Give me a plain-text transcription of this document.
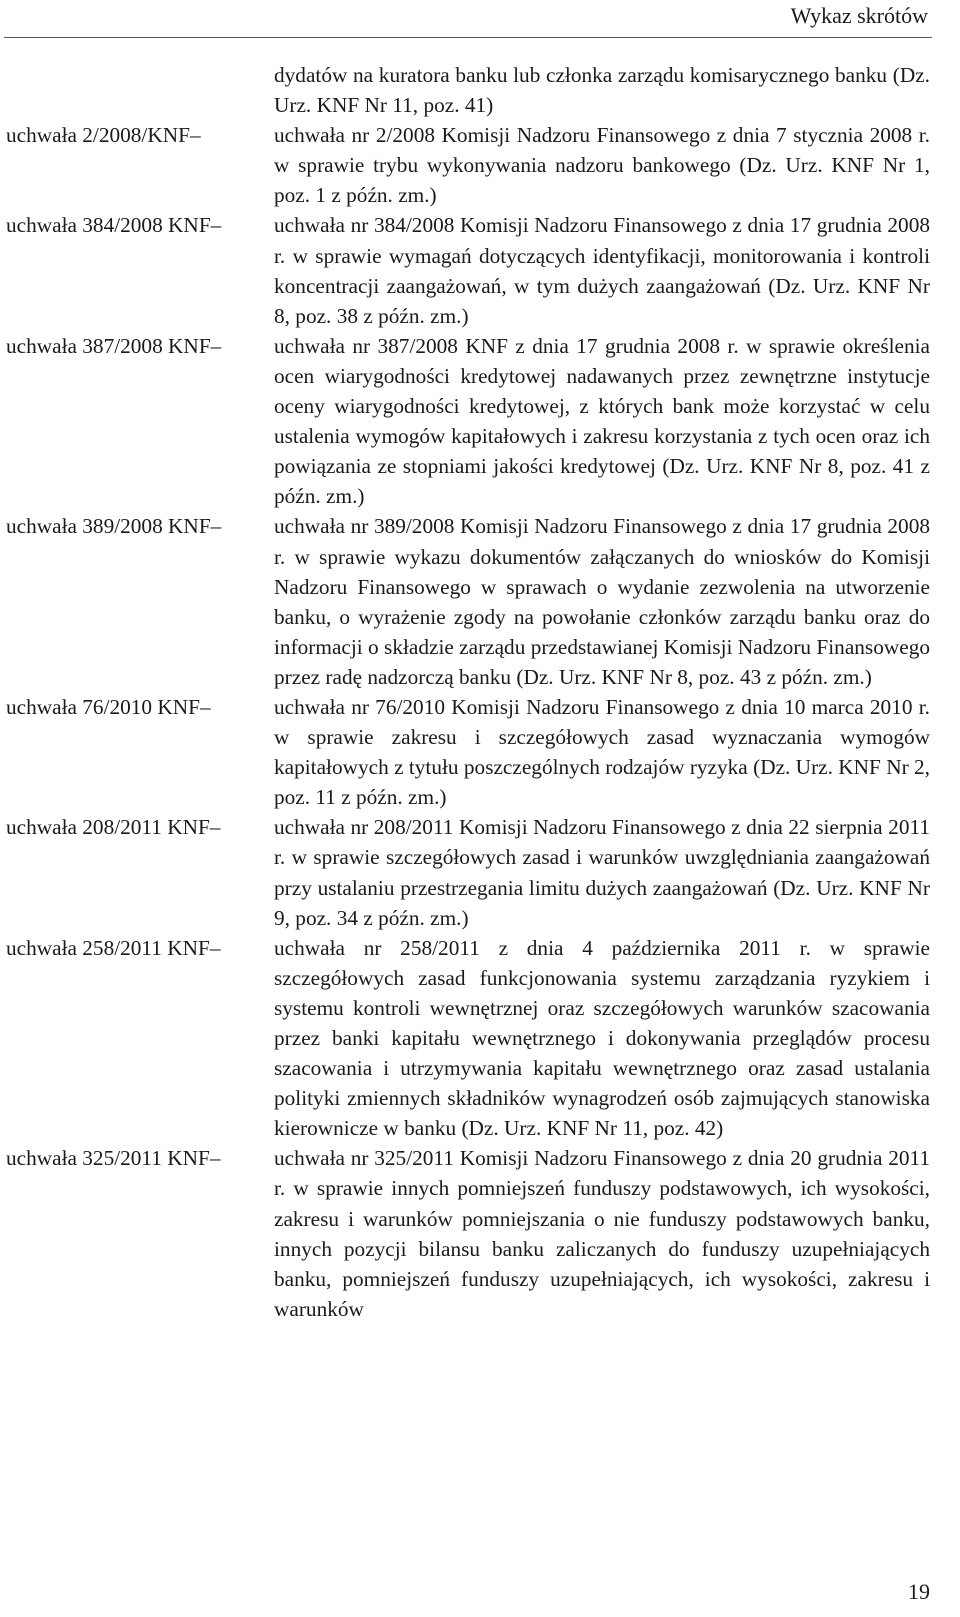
Wykaz skrótów
dydatów na kuratora banku lub członka zarządu komisarycznego banku (Dz. Urz. KNF Nr 11, poz. 41)
uchwała 2/2008/KNF–	uchwała nr 2/2008 Komisji Nadzoru Finansowego z dnia 7 stycznia 2008 r. w sprawie trybu wykonywania nadzoru bankowego (Dz. Urz. KNF Nr 1, poz. 1 z późn. zm.)
uchwała 384/2008 KNF–	uchwała nr 384/2008 Komisji Nadzoru Finansowego z dnia 17 grudnia 2008 r. w sprawie wymagań dotyczących identyfikacji, monitorowania i kontroli koncentracji zaangażowań, w tym dużych zaangażowań (Dz. Urz. KNF Nr 8, poz. 38 z późn. zm.)
uchwała 387/2008 KNF–	uchwała nr 387/2008 KNF z dnia 17 grudnia 2008 r. w sprawie określenia ocen wiarygodności kredytowej nadawanych przez zewnętrzne instytucje oceny wiarygodności kredytowej, z których bank może korzystać w celu ustalenia wymogów kapitałowych i zakresu korzystania z tych ocen oraz ich powiązania ze stopniami jakości kredytowej (Dz. Urz. KNF Nr 8, poz. 41 z późn. zm.)
uchwała 389/2008 KNF–	uchwała nr 389/2008 Komisji Nadzoru Finansowego z dnia 17 grudnia 2008 r. w sprawie wykazu dokumentów załączanych do wniosków do Komisji Nadzoru Finansowego w sprawach o wydanie zezwolenia na utworzenie banku, o wyrażenie zgody na powołanie członków zarządu banku oraz do informacji o składzie zarządu przedstawianej Komisji Nadzoru Finansowego przez radę nadzorczą banku (Dz. Urz. KNF Nr 8, poz. 43 z późn. zm.)
uchwała 76/2010 KNF–	uchwała nr 76/2010 Komisji Nadzoru Finansowego z dnia 10 marca 2010 r. w sprawie zakresu i szczegółowych zasad wyznaczania wymogów kapitałowych z tytułu poszczególnych rodzajów ryzyka (Dz. Urz. KNF Nr 2, poz. 11 z późn. zm.)
uchwała 208/2011 KNF–	uchwała nr 208/2011 Komisji Nadzoru Finansowego z dnia 22 sierpnia 2011 r. w sprawie szczegółowych zasad i warunków uwzględniania zaangażowań przy ustalaniu przestrzegania limitu dużych zaangażowań (Dz. Urz. KNF Nr 9, poz. 34 z późn. zm.)
uchwała 258/2011 KNF–	uchwała nr 258/2011 z dnia 4 października 2011 r. w sprawie szczegółowych zasad funkcjonowania systemu zarządzania ryzykiem i systemu kontroli wewnętrznej oraz szczegółowych warunków szacowania przez banki kapitału wewnętrznego i dokonywania przeglądów procesu szacowania i utrzymywania kapitału wewnętrznego oraz zasad ustalania polityki zmiennych składników wynagrodzeń osób zajmujących stanowiska kierownicze w banku (Dz. Urz. KNF Nr 11, poz. 42)
uchwała 325/2011 KNF–	uchwała nr 325/2011 Komisji Nadzoru Finansowego z dnia 20 grudnia 2011 r. w sprawie innych pomniejszeń funduszy podstawowych, ich wysokości, zakresu i warunków pomniejszania o nie funduszy podstawowych banku, innych pozycji bilansu banku zaliczanych do funduszy uzupełniających banku, pomniejszeń funduszy uzupełniających, ich wysokości, zakresu i warunków
19
